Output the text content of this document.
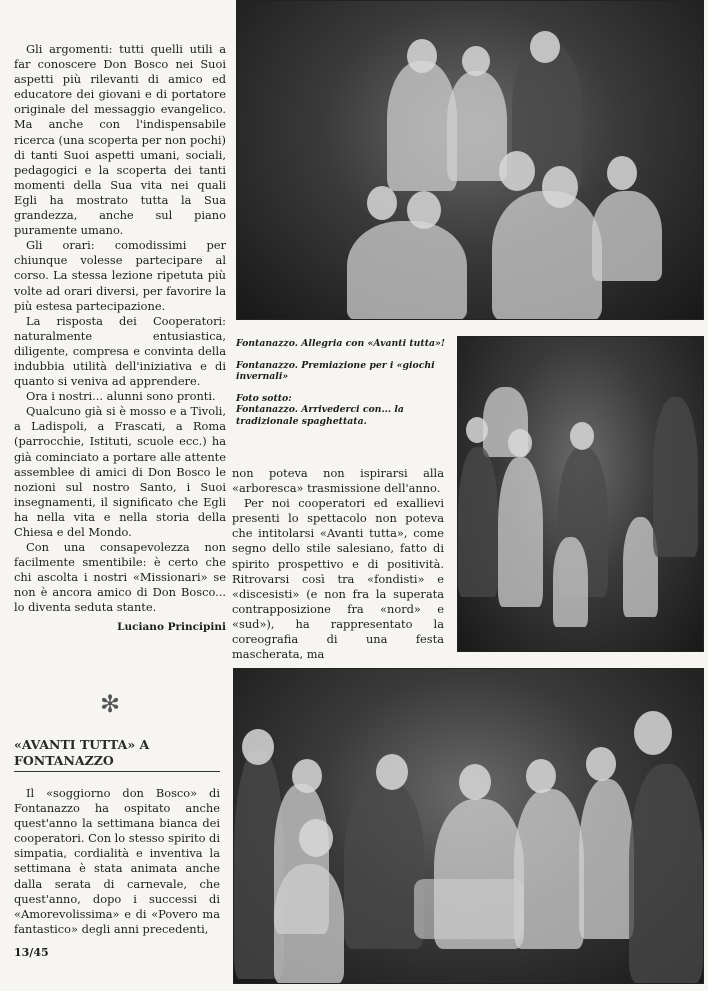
Gli argomenti: tutti quelli utili a far conoscere Don Bosco nei Suoi aspetti più rilevanti di amico ed educatore dei giovani e di portatore originale del messaggio evangelico. Ma anche con l'indispensabile ricerca (una scoperta per non pochi) di tanti Suoi aspetti umani, sociali, pedagogici e la scoperta dei tanti momenti della Sua vita nei quali Egli ha mostrato tutta la Sua grandezza, anche sul piano puramente umano.

Gli orari: comodissimi per chiunque volesse partecipare al corso. La stessa lezione ripetuta più volte ad orari diversi, per favorire la più estesa partecipazione.

La risposta dei Cooperatori: naturalmente entusiastica, diligente, compresa e convinta della indubbia utilità dell'iniziativa e di quanto si veniva ad apprendere.

Ora i nostri... alunni sono pronti.

Qualcuno già si è mosso e a Tivoli, a Ladispoli, a Frascati, a Roma (parrocchie, Istituti, scuole ecc.) ha già cominciato a portare alle attente assemblee di amici di Don Bosco le nozioni sul nostro Santo, i Suoi insegnamenti, il significato che Egli ha nella vita e nella storia della Chiesa e del Mondo.

Con una consapevolezza non facilmente smentibile: è certo che chi ascolta i nostri «Missionari» se non è ancora amico di Don Bosco... lo diventa seduta stante.

Luciano Principini

Fontanazzo. Allegria con «Avanti tutta»!
Fontanazzo. Premiazione per i «giochi invernali»
Foto sotto:
Fontanazzo. Arrivederci con... la tradizionale spaghettata.

non poteva non ispirarsi alla «arboresca» trasmissione dell'anno.

Per noi cooperatori ed exallievi presenti lo spettacolo non poteva che intitolarsi «Avanti tutta», come segno dello stile salesiano, fatto di spirito prospettivo e di positività. Ritrovarsi così tra «fondisti» e «discesisti» (e non fra la superata contrapposizione fra «nord» e «sud»), ha rappresentato la coreografia di una festa mascherata, ma

✻
«AVANTI TUTTA» A FONTANAZZO

Il «soggiorno don Bosco» di Fontanazzo ha ospitato anche quest'anno la settimana bianca dei cooperatori. Con lo stesso spirito di simpatia, cordialità e inventiva la settimana è stata animata anche dalla serata di carnevale, che quest'anno, dopo i successi di «Amorevolissima» e di «Povero ma fantastico» degli anni precedenti,

13/45
